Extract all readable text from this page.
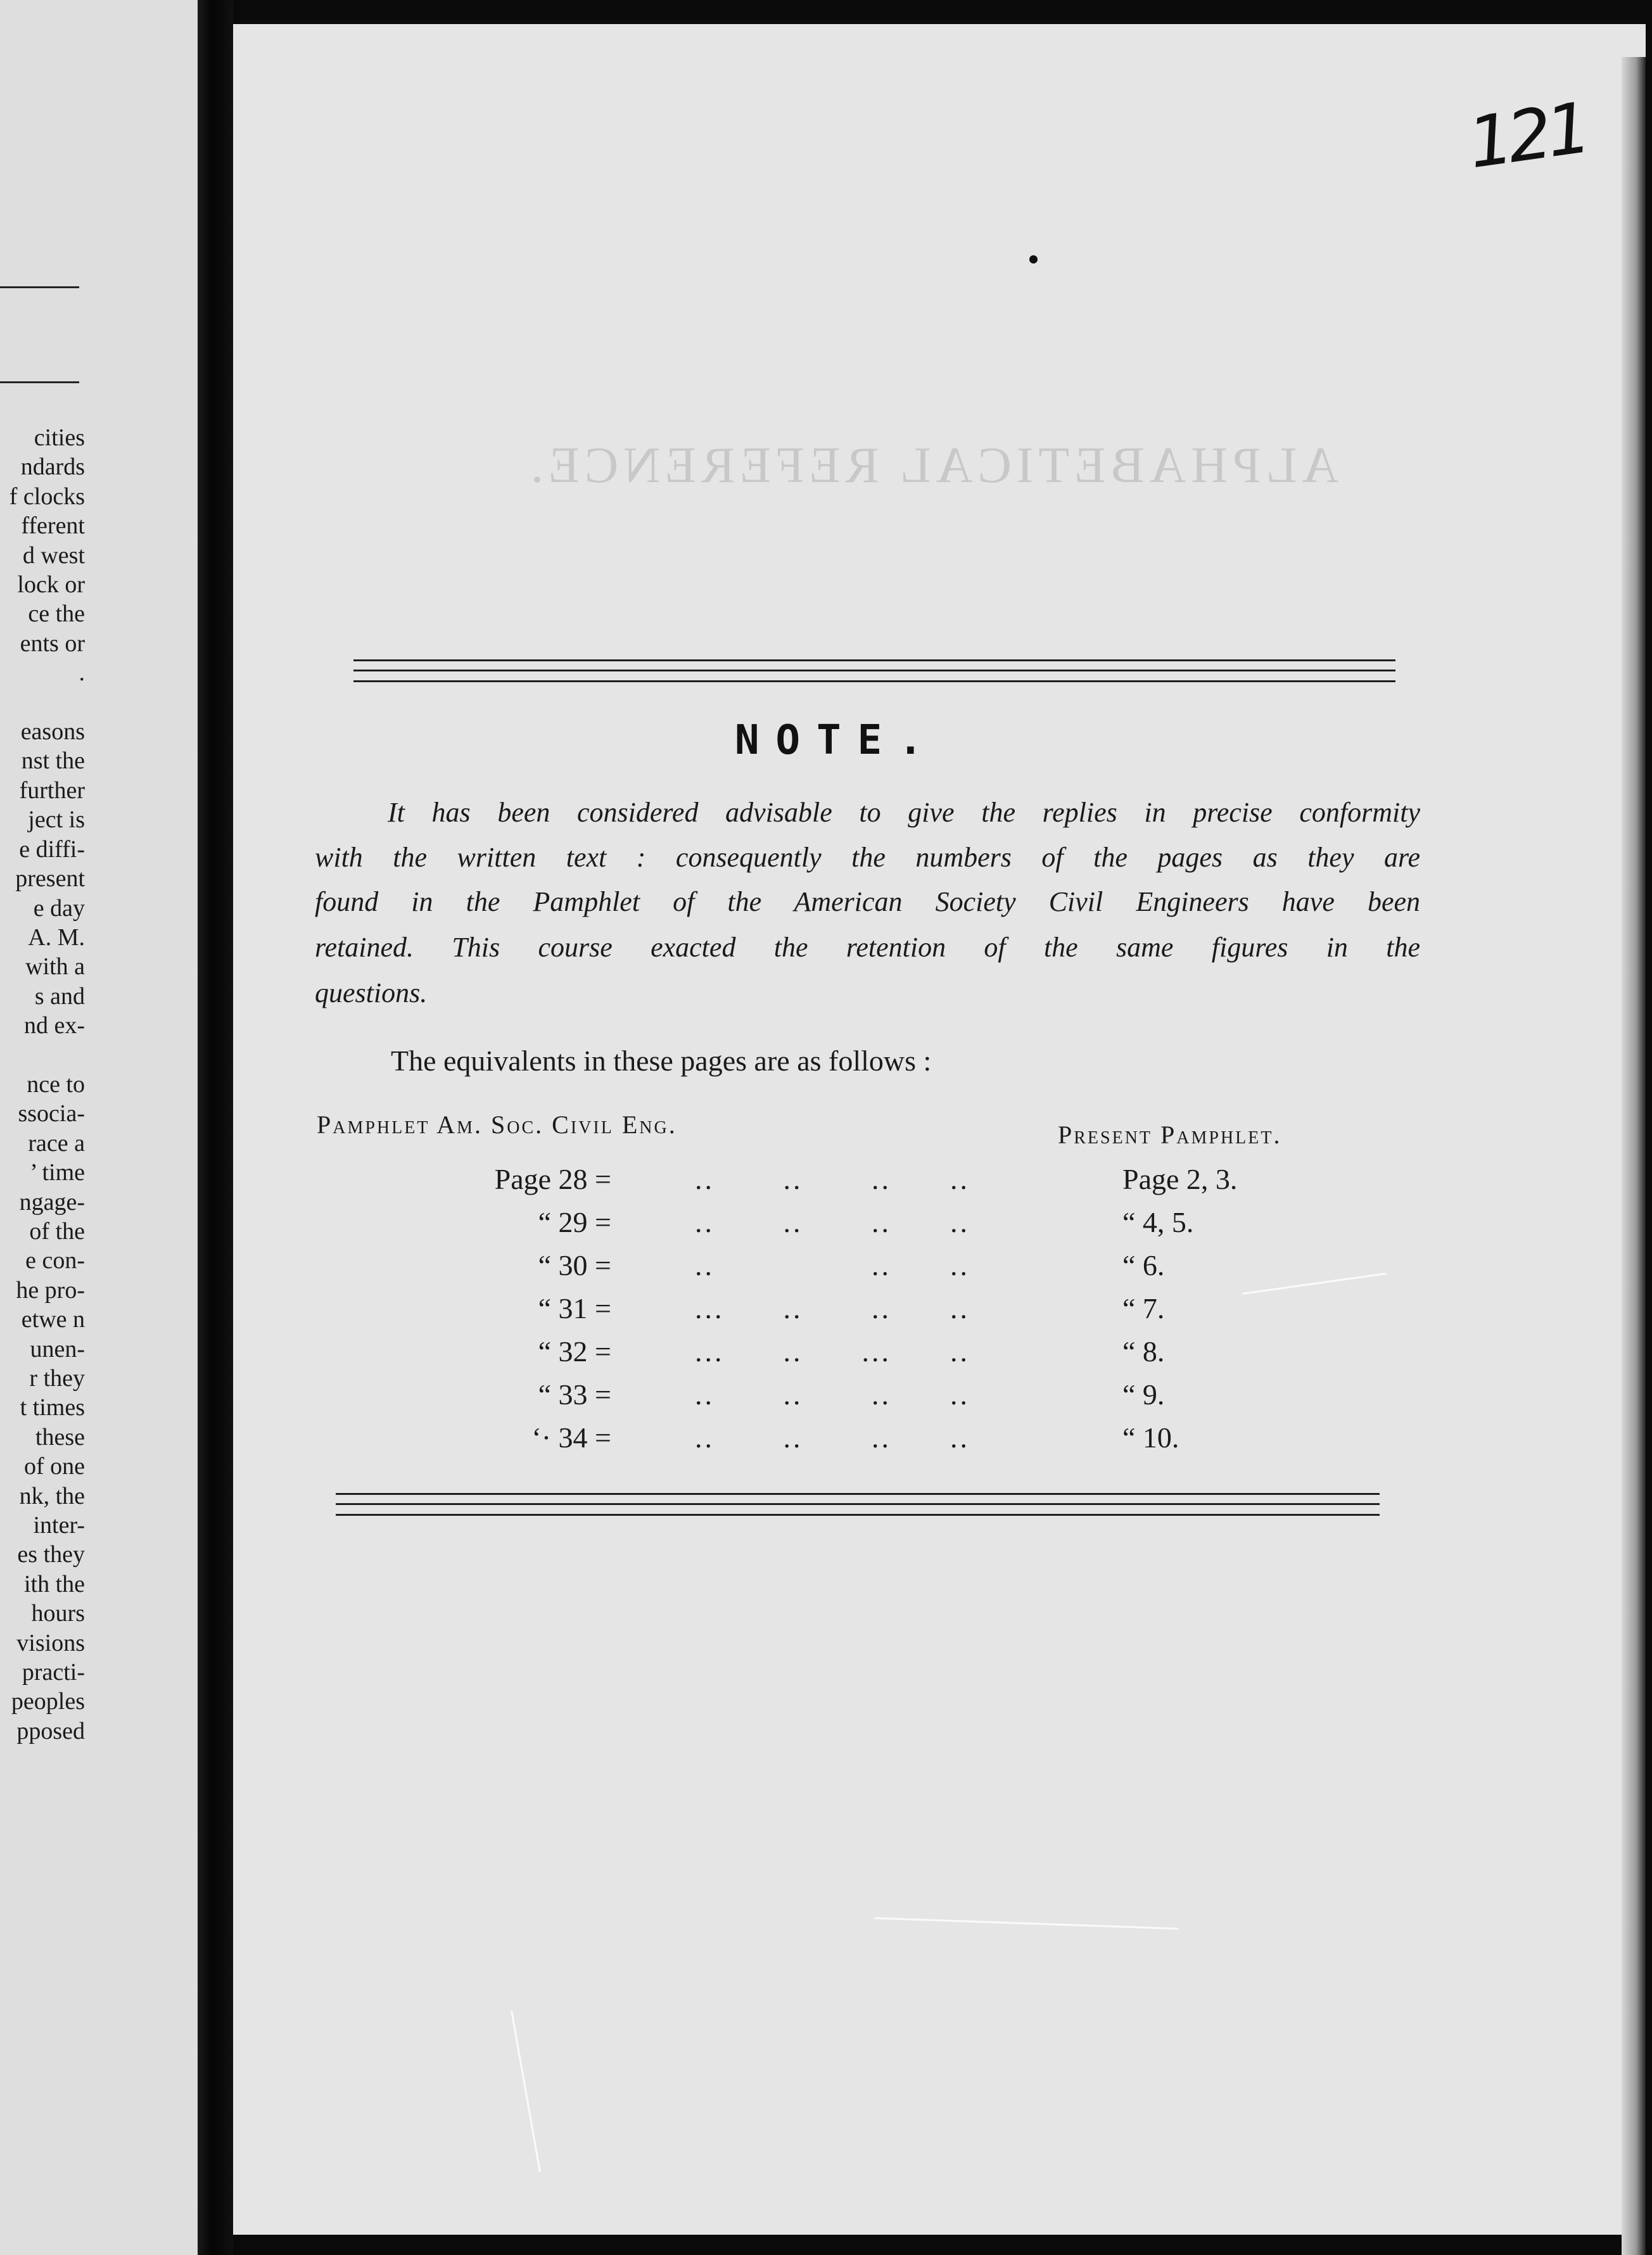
cities
ndards
f clocks
fferent
d west
lock or
ce the
ents or
.

easons
nst the
further
ject is
e diffi-
present
e day
A. M.
with a
s and
nd ex-

nce to
ssocia-
race a
’ time
ngage-
of the
e con-
he pro-
etwe n
unen-
r they
t times
these
of one
nk, the
inter-
es they
ith the
hours
visions
practi-
peoples
pposed
121
ALPHABETICAL REFERENCE.
NOTE.
It has been considered advisable to give the replies in precise conformity
with the written text : consequently the numbers of the pages as they are
found in the Pamphlet of the American Society Civil Engineers have been
retained. This course exacted the retention of the same figures in the
questions.
The equivalents in these pages are as follows :
Pamphlet Am. Soc. Civil Eng.	Present Pamphlet.
Page 28 =	..       ..       ..      ..	Page 2, 3.
“ 29 =	..       ..       ..      ..	“ 4, 5.
“ 30 =	..                ..      ..	“ 6.
“ 31 =	...      ..       ..      ..	“ 7.
“ 32 =	...      ..      ...      ..	“ 8.
“ 33 =	..       ..       ..      ..	“ 9.
‘· 34 =	..       ..       ..      ..	“ 10.
